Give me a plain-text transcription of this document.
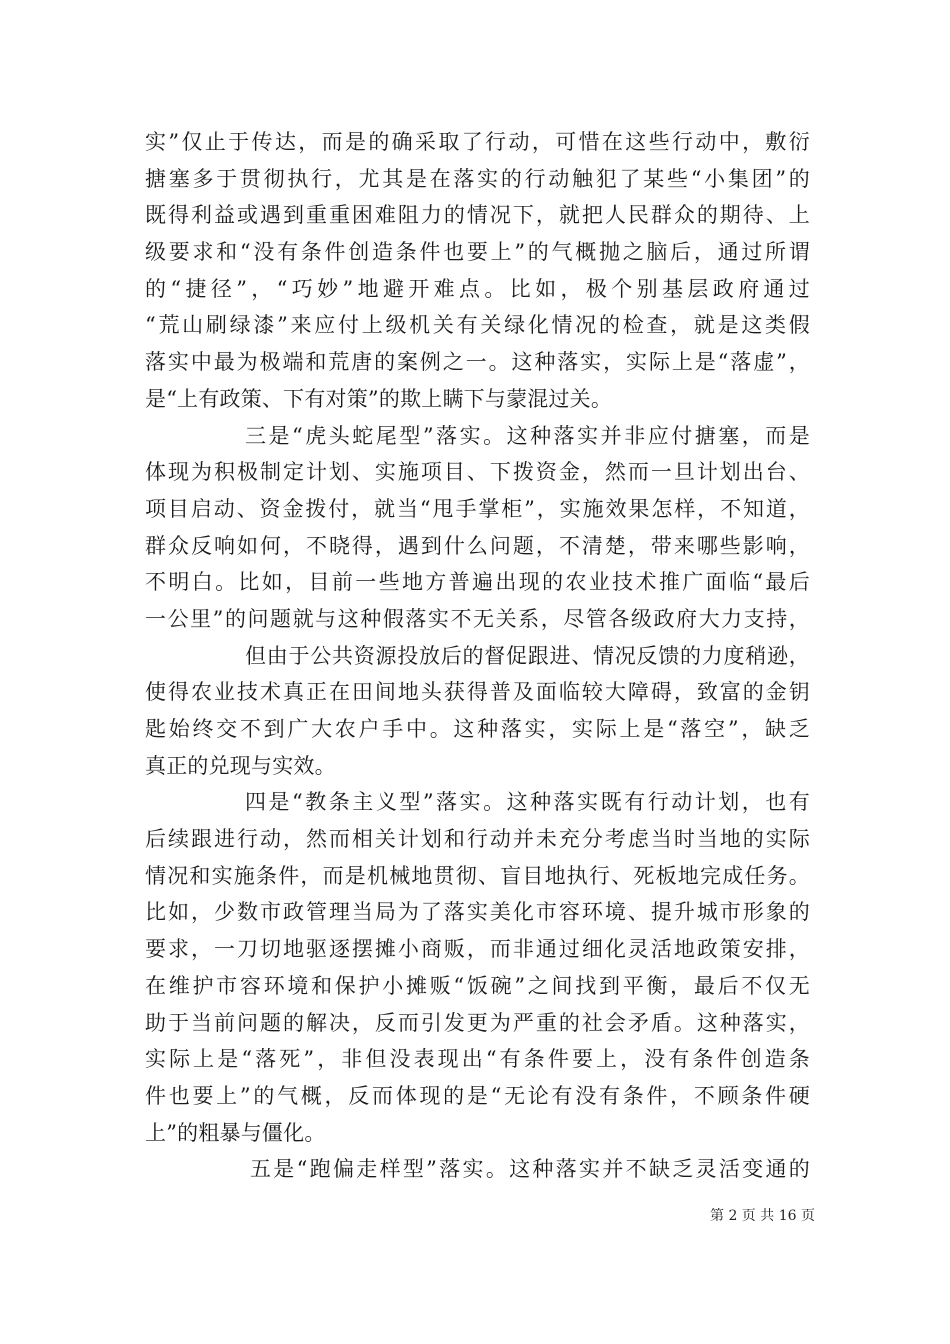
实”仅止于传达，而是的确采取了行动，可惜在这些行动中，敷衍
搪塞多于贯彻执行，尤其是在落实的行动触犯了某些“小集团”的
既得利益或遇到重重困难阻力的情况下，就把人民群众的期待、上
级要求和“没有条件创造条件也要上”的气概抛之脑后，通过所谓
的“捷径”，“巧妙”地避开难点。比如，极个别基层政府通过
“荒山刷绿漆”来应付上级机关有关绿化情况的检查，就是这类假
落实中最为极端和荒唐的案例之一。这种落实，实际上是“落虚”，
是“上有政策、下有对策”的欺上瞒下与蒙混过关。
三是“虎头蛇尾型”落实。这种落实并非应付搪塞，而是
体现为积极制定计划、实施项目、下拨资金，然而一旦计划出台、
项目启动、资金拨付，就当“甩手掌柜”，实施效果怎样，不知道，
群众反响如何，不晓得，遇到什么问题，不清楚，带来哪些影响，
不明白。比如，目前一些地方普遍出现的农业技术推广面临“最后
一公里”的问题就与这种假落实不无关系，尽管各级政府大力支持，
但由于公共资源投放后的督促跟进、情况反馈的力度稍逊，
使得农业技术真正在田间地头获得普及面临较大障碍，致富的金钥
匙始终交不到广大农户手中。这种落实，实际上是“落空”，缺乏
真正的兑现与实效。
四是“教条主义型”落实。这种落实既有行动计划，也有
后续跟进行动，然而相关计划和行动并未充分考虑当时当地的实际
情况和实施条件，而是机械地贯彻、盲目地执行、死板地完成任务。
比如，少数市政管理当局为了落实美化市容环境、提升城市形象的
要求，一刀切地驱逐摆摊小商贩，而非通过细化灵活地政策安排，
在维护市容环境和保护小摊贩“饭碗”之间找到平衡，最后不仅无
助于当前问题的解决，反而引发更为严重的社会矛盾。这种落实，
实际上是“落死”，非但没表现出“有条件要上，没有条件创造条
件也要上”的气概，反而体现的是“无论有没有条件，不顾条件硬
上”的粗暴与僵化。
五是“跑偏走样型”落实。这种落实并不缺乏灵活变通的
第 2 页 共 16 页
